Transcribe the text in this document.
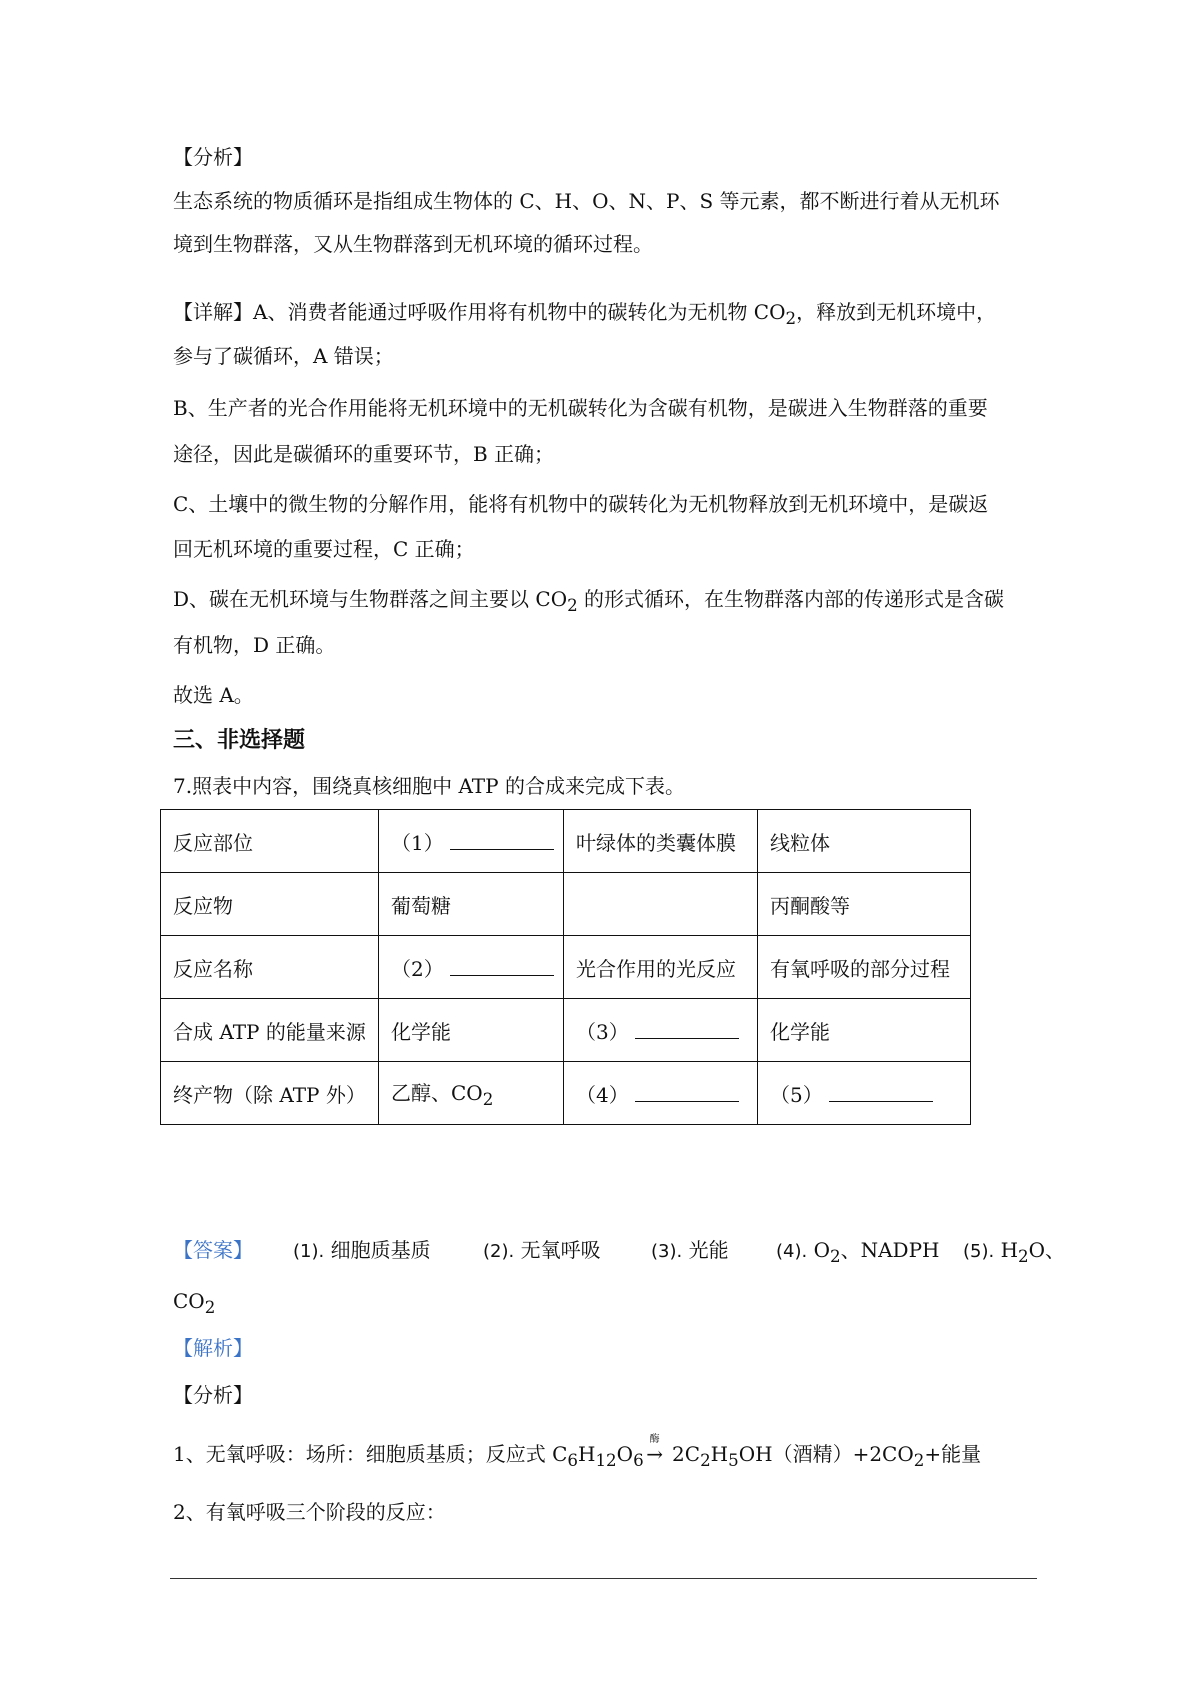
【分析】
生态系统的物质循环是指组成生物体的 C、H、O、N、P、S 等元素，都不断进行着从无机环
境到生物群落，又从生物群落到无机环境的循环过程。
【详解】A、消费者能通过呼吸作用将有机物中的碳转化为无机物 $CO_2$，释放到无机环境中，
参与了碳循环，A 错误；
B、生产者的光合作用能将无机环境中的无机碳转化为含碳有机物，是碳进入生物群落的重要
途径，因此是碳循环的重要环节，B 正确；
C、土壤中的微生物的分解作用，能将有机物中的碳转化为无机物释放到无机环境中，是碳返
回无机环境的重要过程，C 正确；
D、碳在无机环境与生物群落之间主要以 $CO_2$ 的形式循环，在生物群落内部的传递形式是含碳
有机物，D 正确。
故选 A。
三、非选择题
7.照表中内容，围绕真核细胞中 ATP 的合成来完成下表。
反应部位	（1）	叶绿体的类囊体膜	线粒体
反应物	葡萄糖		丙酮酸等
反应名称	（2）	光合作用的光反应	有氧呼吸的部分过程
合成 ATP 的能量来源	化学能	（3）	化学能
终产物（除 ATP 外）	乙醇、$CO_2$	（4）	（5）
【答案】 (1). 细胞质基质	(2). 无氧呼吸	(3). 光能	(4). $O_2$、NADPH (5). $H_2O$、
$CO_2$
【解析】
【分析】
1、无氧呼吸：场所：细胞质基质；反应式 $C_6H_{12}O_6$
酶
→ $2C_2H_5OH$（酒精）$+2CO_2+$能量
2、有氧呼吸三个阶段的反应：
